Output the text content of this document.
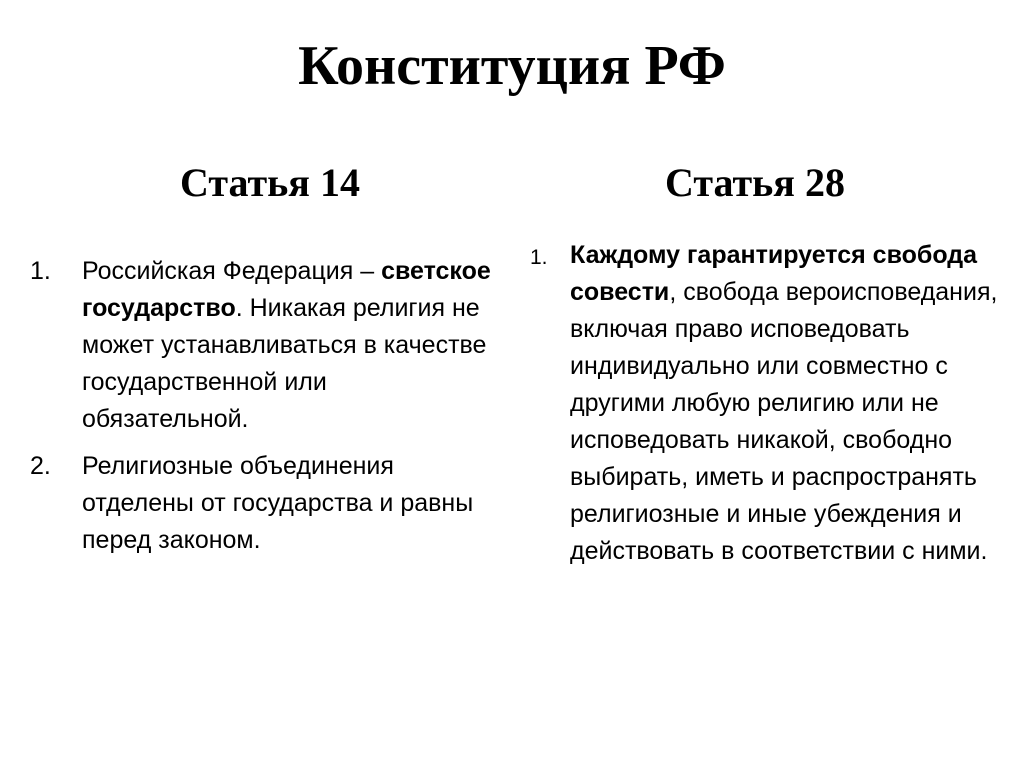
Конституция РФ
Статья 14	Статья 28
1. Российская Федерация – светское государство. Никакая религия не может устанавливаться в качестве государственной или обязательной.
2. Религиозные объединения отделены от государства и равны перед законом.
1. Каждому гарантируется свобода совести, свобода вероисповедания, включая право исповедовать индивидуально или совместно с другими любую религию или не исповедовать никакой, свободно выбирать, иметь и распространять религиозные и иные убеждения и действовать в соответствии с ними.
